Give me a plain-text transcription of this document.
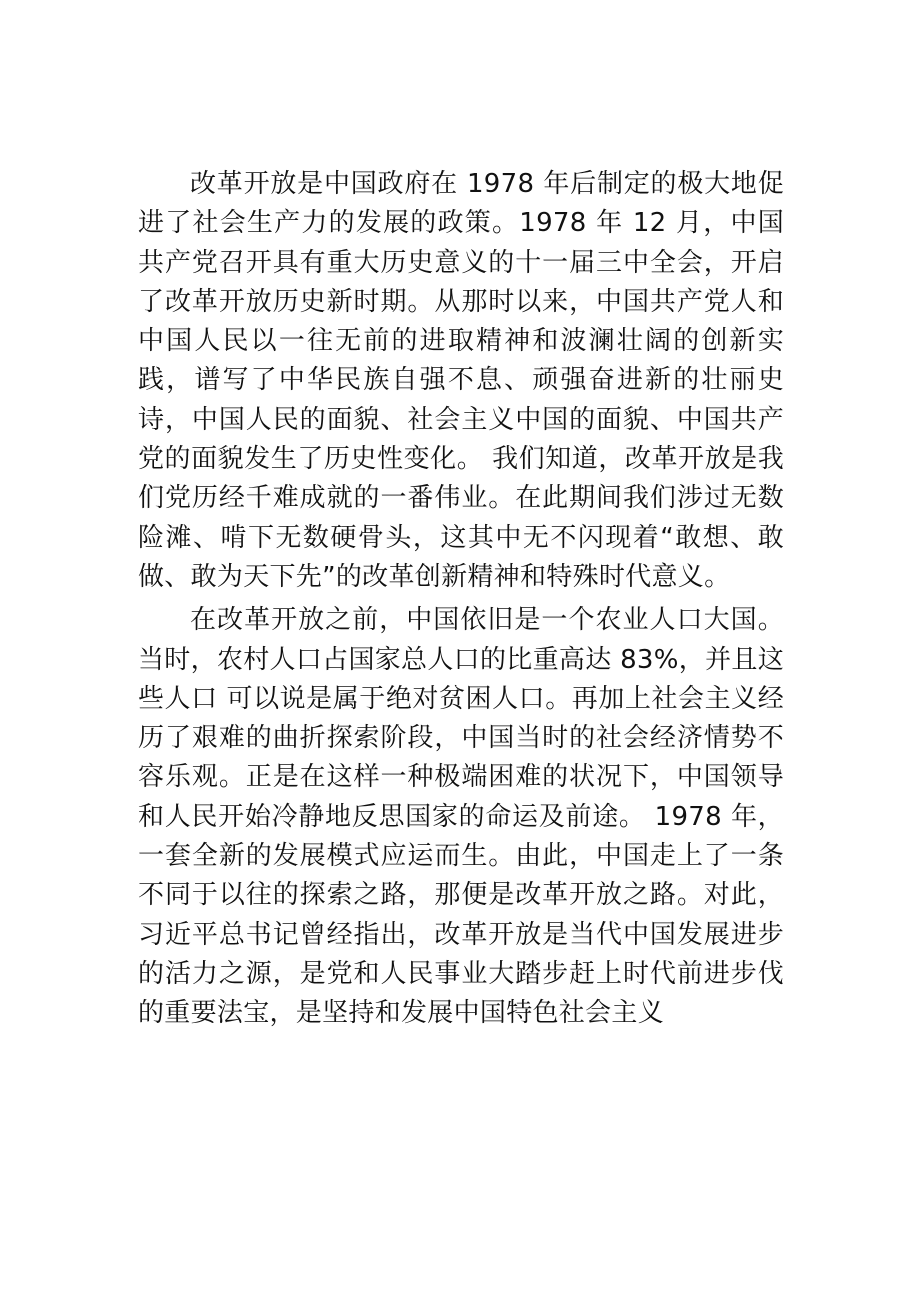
改革开放是中国政府在 1978 年后制定的极大地促进了社会生产力的发展的政策。1978 年 12 月，中国共产党召开具有重大历史意义的十一届三中全会，开启了改革开放历史新时期。从那时以来，中国共产党人和中国人民以一往无前的进取精神和波澜壮阔的创新实践，谱写了中华民族自强不息、顽强奋进新的壮丽史诗，中国人民的面貌、社会主义中国的面貌、中国共产党的面貌发生了历史性变化。 我们知道，改革开放是我们党历经千难成就的一番伟业。在此期间我们涉过无数险滩、啃下无数硬骨头，这其中无不闪现着“敢想、敢做、敢为天下先”的改革创新精神和特殊时代意义。

在改革开放之前，中国依旧是一个农业人口大国。当时，农村人口占国家总人口的比重高达 83%，并且这些人口 可以说是属于绝对贫困人口。再加上社会主义经历了艰难的曲折探索阶段，中国当时的社会经济情势不容乐观。正是在这样一种极端困难的状况下，中国领导和人民开始冷静地反思国家的命运及前途。 1978 年，一套全新的发展模式应运而生。由此，中国走上了一条不同于以往的探索之路，那便是改革开放之路。对此，习近平总书记曾经指出，改革开放是当代中国发展进步的活力之源，是党和人民事业大踏步赶上时代前进步伐的重要法宝，是坚持和发展中国特色社会主义
